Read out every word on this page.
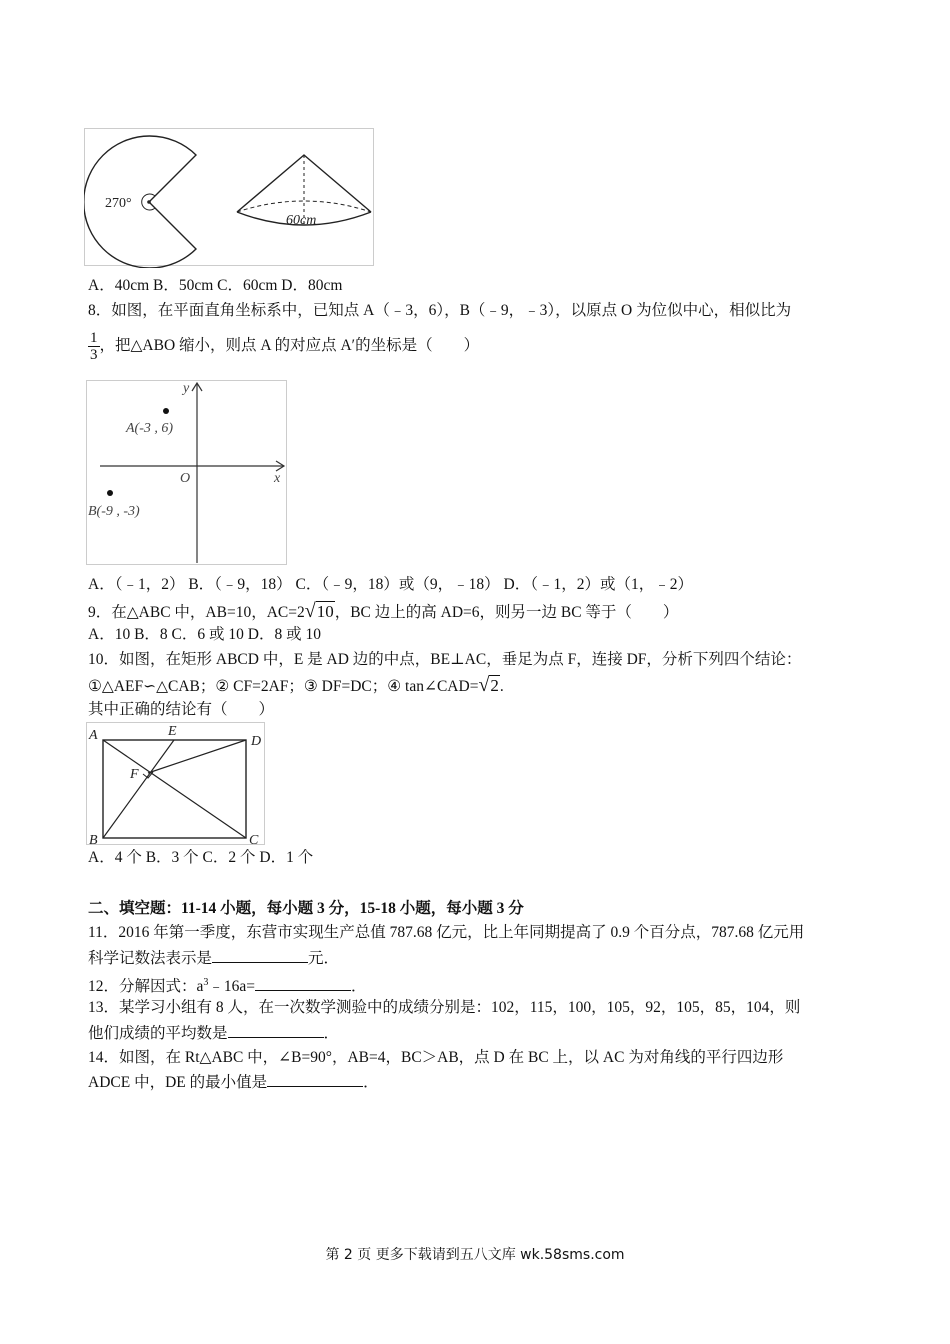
270°
60cm
A．40cm B．50cm C．60cm D．80cm
8．如图，在平面直角坐标系中，已知点 A（﹣3，6），B（﹣9，﹣3），以原点 O 为位似中心，相似比为
$\frac{1}{3}$ ，把△ABO 缩小，则点 A 的对应点 A′的坐标是（　　）
y
x
O
A(-3 , 6)
B(-9 , -3)
A．（﹣1，2） B．（﹣9，18） C．（﹣9，18）或（9，﹣18） D．（﹣1，2）或（1，﹣2）
9．在△ABC 中，AB=10，AC=2√10，BC 边上的高 AD=6，则另一边 BC 等于（　　）
A．10 B．8 C．6 或 10 D．8 或 10
10．如图，在矩形 ABCD 中，E 是 AD 边的中点，BE⊥AC，垂足为点 F，连接 DF，分析下列四个结论：
①△AEF∽△CAB；② CF=2AF；③ DF=DC；④ tan∠CAD=√2.
其中正确的结论有（　　）
A	E
D
F
B	C
A．4 个 B．3 个 C．2 个 D．1 个
二、填空题：11-14 小题，每小题 3 分，15-18 小题，每小题 3 分
11．2016 年第一季度，东营市实现生产总值 787.68 亿元，比上年同期提高了 0.9 个百分点，787.68 亿元用
科学记数法表示是	元．
12．分解因式：$a^3﹣16a=$	．
13．某学习小组有 8 人，在一次数学测验中的成绩分别是：102，115，100，105，92，105，85，104，则
他们成绩的平均数是	．
14．如图，在 Rt△ABC 中，∠B=90°，AB=4，BC＞AB，点 D 在 BC 上，以 AC 为对角线的平行四边形
ADCE 中，DE 的最小值是	．
第 2 页 更多下载请到五八文库 wk.58sms.com
